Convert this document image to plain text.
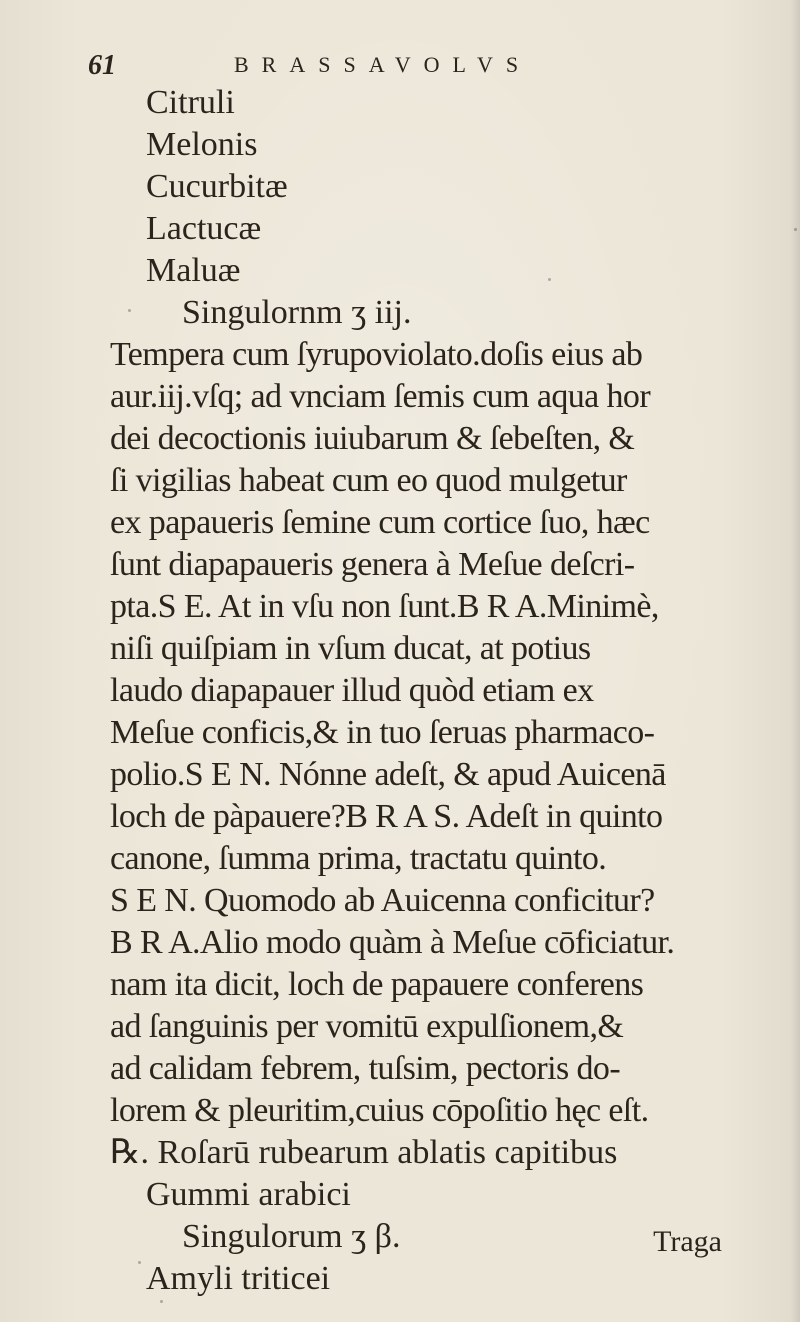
61	BRASSAVOLVS
Citruli
Melonis
Cucurbitæ
Lactucæ
Maluæ
Singulornm ʒ iij.
Tempera cum ſyrupoviolato.doſis eius ab
aur.iij.vſq; ad vnciam ſemis cum aqua hor
dei decoctionis iuiubarum & ſebeſten, &
ſi vigilias habeat cum eo quod mulgetur
ex papaueris ſemine cum cortice ſuo, hæc
ſunt diapapaueris genera à Meſue deſcri-
pta.S E. At in vſu non ſunt.B R A.Minimè,
niſi quiſpiam in vſum ducat, at potius
laudo diapapauer illud quòd etiam ex
Meſue conficis,& in tuo ſeruas pharmaco-
polio.S E N. Nónne adeſt, & apud Auicenā
loch de pàpauere?B R A S. Adeſt in quinto
canone, ſumma prima, tractatu quinto.
S E N. Quomodo ab Auicenna conficitur?
B R A.Alio modo quàm à Meſue cōficiatur.
nam ita dicit, loch de papauere conferens
ad ſanguinis per vomitū expulſionem,&
ad calidam febrem, tuſsim, pectoris do-
lorem & pleuritim,cuius cōpoſitio hęc eſt.
℞. Roſarū rubearum ablatis capitibus
Gummi arabici
Singulorum ʒ β.
Amyli triticei
Traga
